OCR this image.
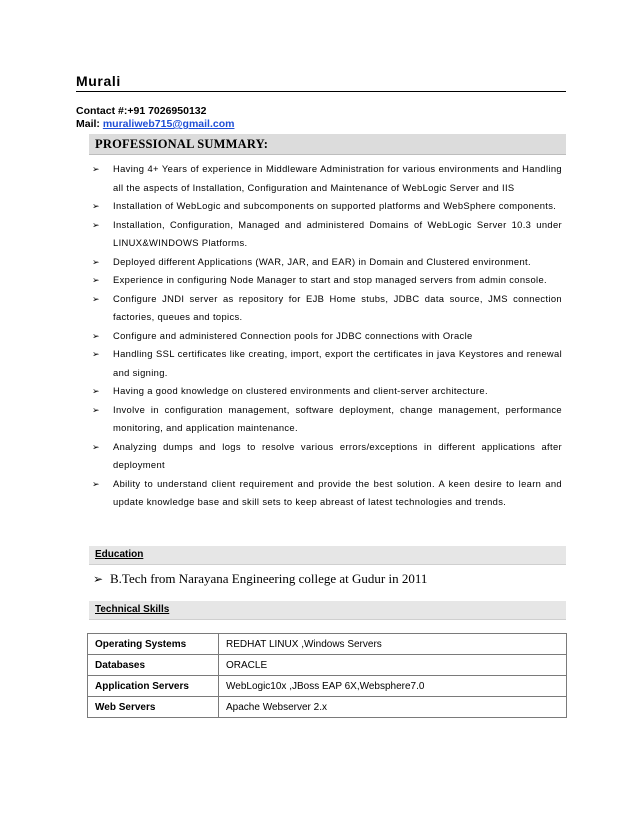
Murali
Contact #:+91 7026950132
Mail: muraliweb715@gmail.com
PROFESSIONAL SUMMARY:
➢ Having 4+ Years of experience in Middleware Administration for various environments and Handling all the aspects of Installation, Configuration and Maintenance of WebLogic Server and IIS
➢ Installation of WebLogic and subcomponents on supported platforms and WebSphere components.
➢ Installation, Configuration, Managed and administered Domains of WebLogic Server 10.3 under LINUX&WINDOWS Platforms.
➢ Deployed different Applications (WAR, JAR, and EAR) in Domain and Clustered environment.
➢ Experience in configuring Node Manager to start and stop managed servers from admin console.
➢ Configure JNDI server as repository for EJB Home stubs, JDBC data source, JMS connection factories, queues and topics.
➢ Configure and administered Connection pools for JDBC connections with Oracle
➢ Handling SSL certificates like creating, import, export the certificates in java Keystores and renewal and signing.
➢ Having a good knowledge on clustered environments and client-server architecture.
➢ Involve in configuration management, software deployment, change management, performance monitoring, and application maintenance.
➢ Analyzing dumps and logs to resolve various errors/exceptions in different applications after deployment
➢ Ability to understand client requirement and provide the best solution. A keen desire to learn and update knowledge base and skill sets to keep abreast of latest technologies and trends.
Education
➢ B.Tech from Narayana Engineering college at Gudur in 2011
Technical Skills
Operating Systems	REDHAT LINUX ,Windows Servers
Databases	ORACLE
Application Servers	WebLogic10x ,JBoss EAP 6X,Websphere7.0
Web Servers	Apache Webserver 2.x
